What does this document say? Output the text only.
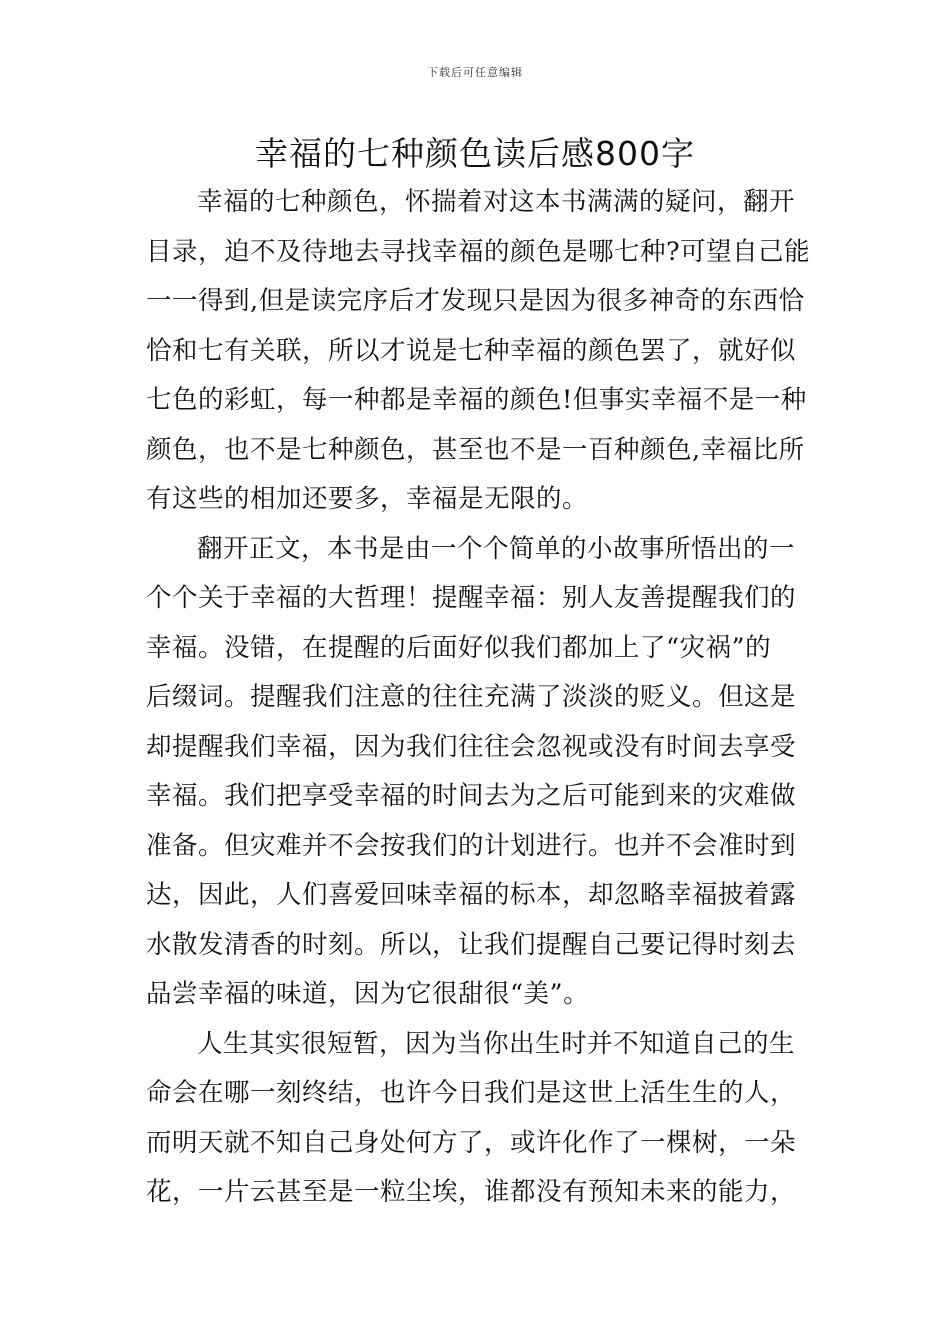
下载后可任意编辑
幸福的七种颜色读后感800字

幸福的七种颜色，怀揣着对这本书满满的疑问，翻开
目录，迫不及待地去寻找幸福的颜色是哪七种?可望自己能
一一得到,但是读完序后才发现只是因为很多神奇的东西恰
恰和七有关联，所以才说是七种幸福的颜色罢了，就好似
七色的彩虹，每一种都是幸福的颜色!但事实幸福不是一种
颜色，也不是七种颜色，甚至也不是一百种颜色,幸福比所
有这些的相加还要多，幸福是无限的。

翻开正文，本书是由一个个简单的小故事所悟出的一
个个关于幸福的大哲理！提醒幸福：别人友善提醒我们的
幸福。没错，在提醒的后面好似我们都加上了“灾祸”的
后缀词。提醒我们注意的往往充满了淡淡的贬义。但这是
却提醒我们幸福，因为我们往往会忽视或没有时间去享受
幸福。我们把享受幸福的时间去为之后可能到来的灾难做
准备。但灾难并不会按我们的计划进行。也并不会准时到
达，因此，人们喜爱回味幸福的标本，却忽略幸福披着露
水散发清香的时刻。所以，让我们提醒自己要记得时刻去
品尝幸福的味道，因为它很甜很“美”。

人生其实很短暂，因为当你出生时并不知道自己的生
命会在哪一刻终结，也许今日我们是这世上活生生的人，
而明天就不知自己身处何方了，或许化作了一棵树，一朵
花，一片云甚至是一粒尘埃，谁都没有预知未来的能力，
